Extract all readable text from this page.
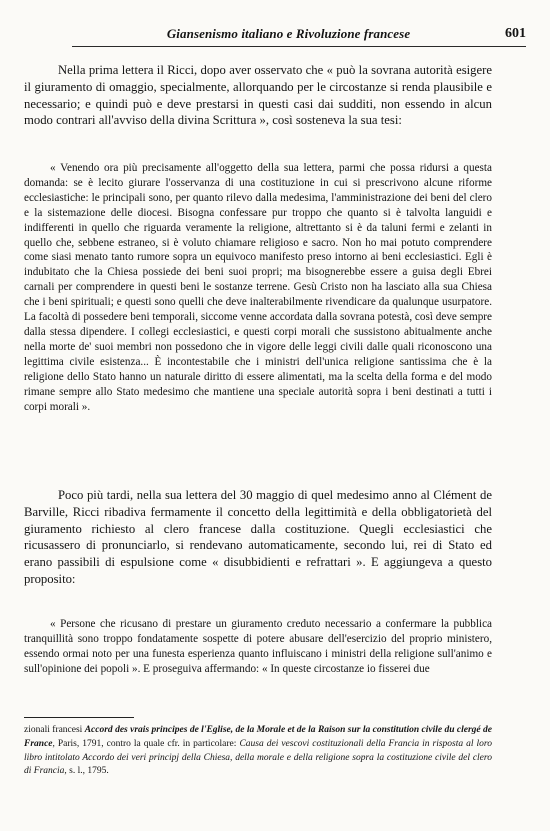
Giansenismo italiano e Rivoluzione francese	601

Nella prima lettera il Ricci, dopo aver osservato che « può la sovrana autorità esigere il giuramento di omaggio, specialmente, allorquando per le circostanze si renda plausibile e necessario; e quindi può e deve prestarsi in questi casi dai sudditi, non essendo in alcun modo contrari all'avviso della divina Scrittura », così sosteneva la sua tesi:

« Venendo ora più precisamente all'oggetto della sua lettera, parmi che possa ridursi a questa domanda: se è lecito giurare l'osservanza di una costituzione in cui si prescrivono alcune riforme ecclesiastiche: le principali sono, per quanto rilevo dalla medesima, l'amministrazione dei beni del clero e la sistemazione delle diocesi. Bisogna confessare pur troppo che quanto si è talvolta languidi e indifferenti in quello che riguarda veramente la religione, altrettanto si è da taluni fermi e zelanti in quello che, sebbene estraneo, si è voluto chiamare religioso e sacro. Non ho mai potuto comprendere come siasi menato tanto rumore sopra un equivoco manifesto preso intorno ai beni ecclesiastici. Egli è indubitato che la Chiesa possiede dei beni suoi propri; ma bisognerebbe essere a guisa degli Ebrei carnali per comprendere in questi beni le sostanze terrene. Gesù Cristo non ha lasciato alla sua Chiesa che i beni spirituali; e questi sono quelli che deve inalterabilmente rivendicare da qualunque usurpatore. La facoltà di possedere beni temporali, siccome venne accordata dalla sovrana potestà, così deve sempre dalla stessa dipendere. I collegi ecclesiastici, e questi corpi morali che sussistono abitualmente anche nella morte de' suoi membri non possedono che in vigore delle leggi civili dalle quali riconoscono una legittima civile esistenza... È incontestabile che i ministri dell'unica religione santissima che è la religione dello Stato hanno un naturale diritto di essere alimentati, ma la scelta della forma e del modo rimane sempre allo Stato medesimo che mantiene una speciale autorità sopra i beni destinati a tutti i corpi morali ».

Poco più tardi, nella sua lettera del 30 maggio di quel medesimo anno al Clément de Barville, Ricci ribadiva fermamente il concetto della legittimità e della obbligatorietà del giuramento richiesto al clero francese dalla costituzione. Quegli ecclesiastici che ricusassero di pronunciarlo, si rendevano automaticamente, secondo lui, rei di Stato ed erano passibili di espulsione come « disubbidienti e refrattari ». E aggiungeva a questo proposito:

« Persone che ricusano di prestare un giuramento creduto necessario a confermare la pubblica tranquillità sono troppo fondatamente sospette di potere abusare dell'esercizio del proprio ministero, essendo ormai noto per una funesta esperienza quanto influiscano i ministri della religione sull'animo e sull'opinione dei popoli ». E proseguiva affermando: « In queste circostanze io fisserei due

zionali francesi Accord des vrais principes de l'Eglise, de la Morale et de la Raison sur la constitution civile du clergé de France, Paris, 1791, contro la quale cfr. in particolare: Causa dei vescovi costituzionali della Francia in risposta al loro libro intitolato Accordo dei veri principj della Chiesa, della morale e della religione sopra la costituzione civile del clero di Francia, s. l., 1795.
